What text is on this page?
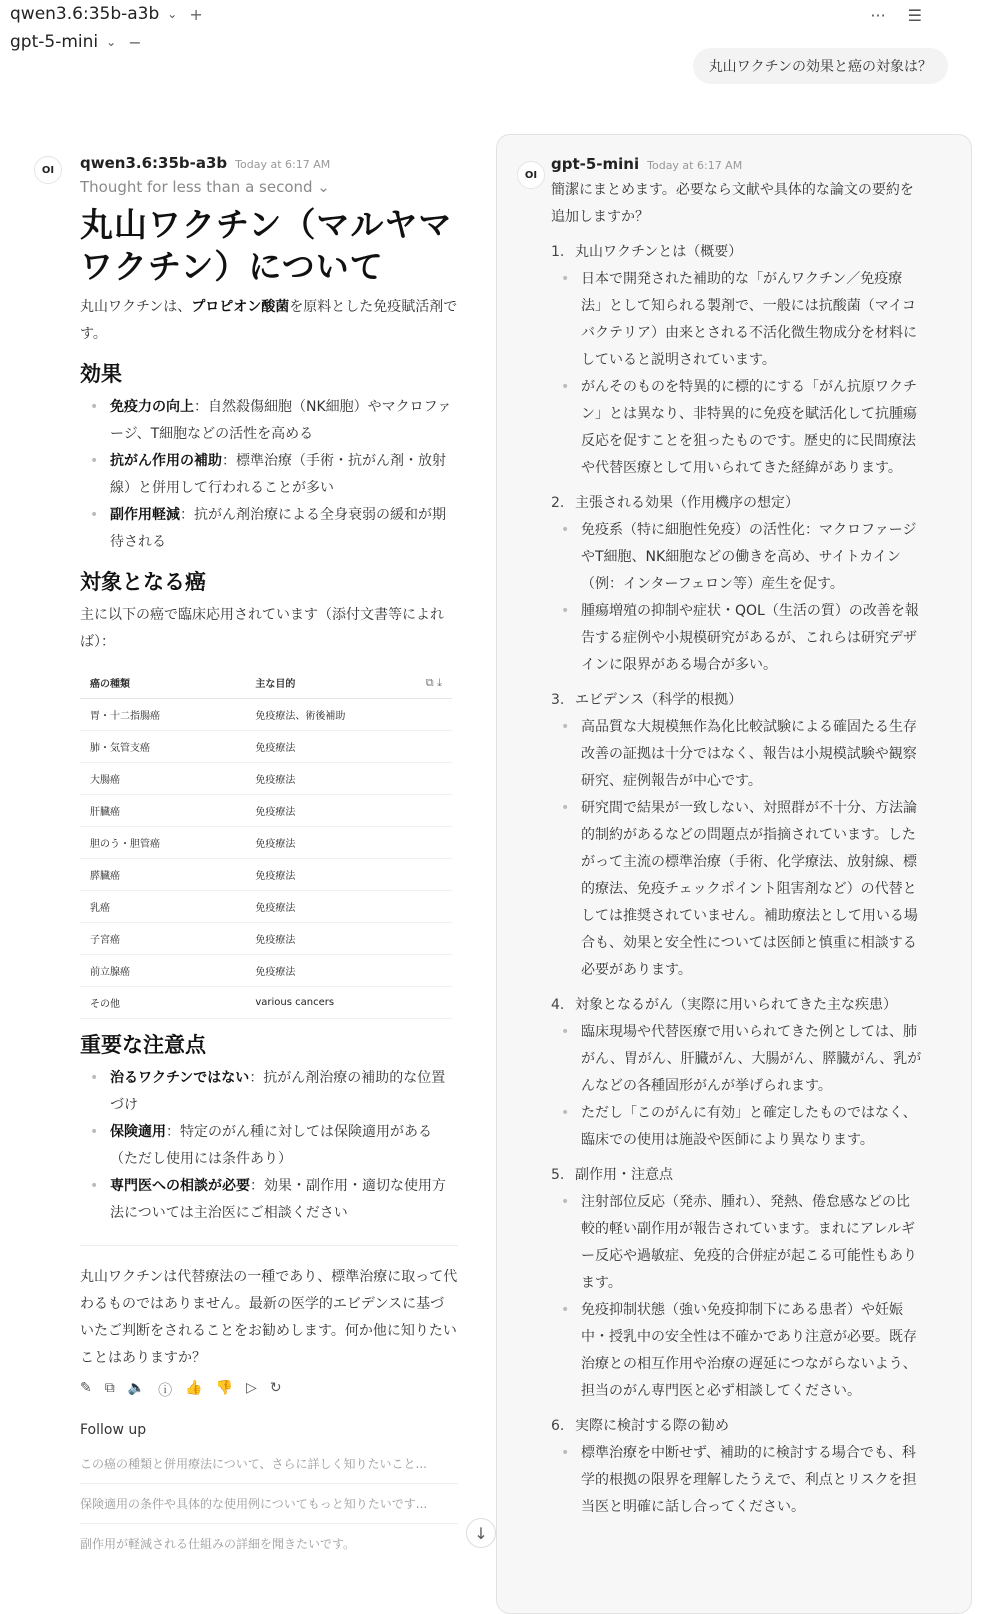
qwen3.6:35b-a3b ⌄ +
gpt-5-mini ⌄ −
··· ☰
丸山ワクチンの効果と癌の対象は？
OI	qwen3.6:35b-a3b Today at 6:17 AM
Thought for less than a second ⌄
丸山ワクチン（マルヤマワクチン）について
丸山ワクチンは、プロピオン酸菌を原料とした免疫賦活剤です。
効果
• 免疫力の向上：自然殺傷細胞（NK細胞）やマクロファージ、T細胞などの活性を高める
• 抗がん作用の補助：標準治療（手術・抗がん剤・放射線）と併用して行われることが多い
• 副作用軽減：抗がん剤治療による全身衰弱の緩和が期待される
対象となる癌
主に以下の癌で臨床応用されています（添付文書等によれば）：
癌の種類	主な目的	⧉ ⤓
胃・十二指腸癌	免疫療法、術後補助	
肺・気管支癌	免疫療法	
大腸癌	免疫療法	
肝臓癌	免疫療法	
胆のう・胆管癌	免疫療法	
膵臓癌	免疫療法	
乳癌	免疫療法	
子宮癌	免疫療法	
前立腺癌	免疫療法	
その他	various cancers	
重要な注意点
• 治るワクチンではない：抗がん剤治療の補助的な位置づけ
• 保険適用：特定のがん種に対しては保険適用がある（ただし使用には条件あり）
• 専門医への相談が必要：効果・副作用・適切な使用方法については主治医にご相談ください
丸山ワクチンは代替療法の一種であり、標準治療に取って代わるものではありません。最新の医学的エビデンスに基づいたご判断をされることをお勧めします。何か他に知りたいことはありますか？
✎ ⧉ 🔈 ⓘ 👍 👎 ▷ ↻
Follow up
この癌の種類と併用療法について、さらに詳しく知りたいこと...
保険適用の条件や具体的な使用例についてもっと知りたいです...
副作用が軽減される仕組みの詳細を聞きたいです。
OI
gpt-5-mini Today at 6:17 AM
簡潔にまとめます。必要なら文献や具体的な論文の要約を追加しますか？
1. 丸山ワクチンとは（概要）
• 日本で開発された補助的な「がんワクチン／免疫療法」として知られる製剤で、一般には抗酸菌（マイコバクテリア）由来とされる不活化微生物成分を材料にしていると説明されています。
• がんそのものを特異的に標的にする「がん抗原ワクチン」とは異なり、非特異的に免疫を賦活化して抗腫瘍反応を促すことを狙ったものです。歴史的に民間療法や代替医療として用いられてきた経緯があります。
2. 主張される効果（作用機序の想定）
• 免疫系（特に細胞性免疫）の活性化：マクロファージやT細胞、NK細胞などの働きを高め、サイトカイン（例：インターフェロン等）産生を促す。
• 腫瘍増殖の抑制や症状・QOL（生活の質）の改善を報告する症例や小規模研究があるが、これらは研究デザインに限界がある場合が多い。
3. エビデンス（科学的根拠）
• 高品質な大規模無作為化比較試験による確固たる生存改善の証拠は十分ではなく、報告は小規模試験や観察研究、症例報告が中心です。
• 研究間で結果が一致しない、対照群が不十分、方法論的制約があるなどの問題点が指摘されています。したがって主流の標準治療（手術、化学療法、放射線、標的療法、免疫チェックポイント阻害剤など）の代替としては推奨されていません。補助療法として用いる場合も、効果と安全性については医師と慎重に相談する必要があります。
4. 対象となるがん（実際に用いられてきた主な疾患）
• 臨床現場や代替医療で用いられてきた例としては、肺がん、胃がん、肝臓がん、大腸がん、膵臓がん、乳がんなどの各種固形がんが挙げられます。
• ただし「このがんに有効」と確定したものではなく、臨床での使用は施設や医師により異なります。
5. 副作用・注意点
• 注射部位反応（発赤、腫れ）、発熱、倦怠感などの比較的軽い副作用が報告されています。まれにアレルギー反応や過敏症、免疫的合併症が起こる可能性もあります。
• 免疫抑制状態（強い免疫抑制下にある患者）や妊娠中・授乳中の安全性は不確かであり注意が必要。既存治療との相互作用や治療の遅延につながらないよう、担当のがん専門医と必ず相談してください。
6. 実際に検討する際の勧め
• 標準治療を中断せず、補助的に検討する場合でも、科学的根拠の限界を理解したうえで、利点とリスクを担当医と明確に話し合ってください。
↓
